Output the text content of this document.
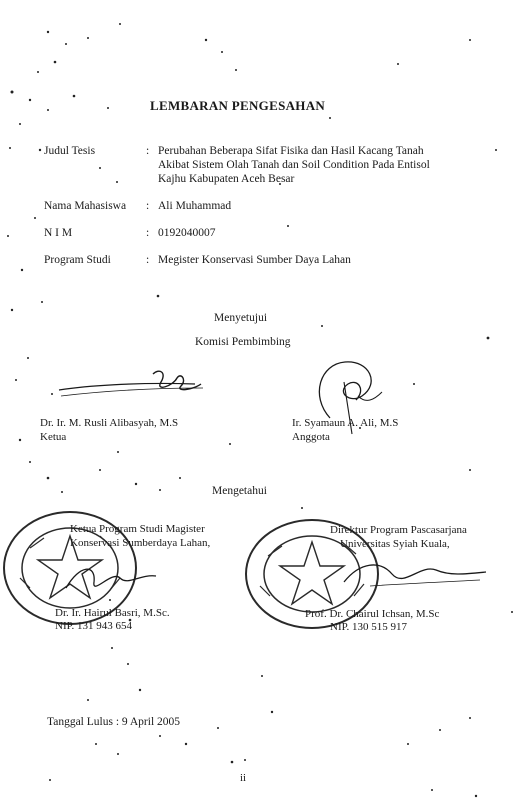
LEMBARAN PENGESAHAN
Judul Tesis	: Perubahan Beberapa Sifat Fisika dan Hasil Kacang Tanah
Akibat Sistem Olah Tanah dan Soil Condition Pada Entisol
Kajhu Kabupaten Aceh Besar
Nama Mahasiswa : Ali Muhammad
N I M	: 0192040007
Program Studi	: Megister Konservasi Sumber Daya Lahan
Menyetujui
Komisi Pembimbing
Dr. Ir. M. Rusli Alibasyah, M.S
Ketua
Ir. Syamaun A. Ali, M.S
Anggota
Mengetahui
Ketua Program Studi Magister
Konservasi Sumberdaya Lahan,
Dr. Ir. Hairul Basri, M.Sc.
NIP. 131 943 654
Direktur Program Pascasarjana
Universitas Syiah Kuala,
Prof. Dr. Chairul Ichsan, M.Sc
NIP. 130 515 917
Tanggal Lulus : 9 April 2005
ii
